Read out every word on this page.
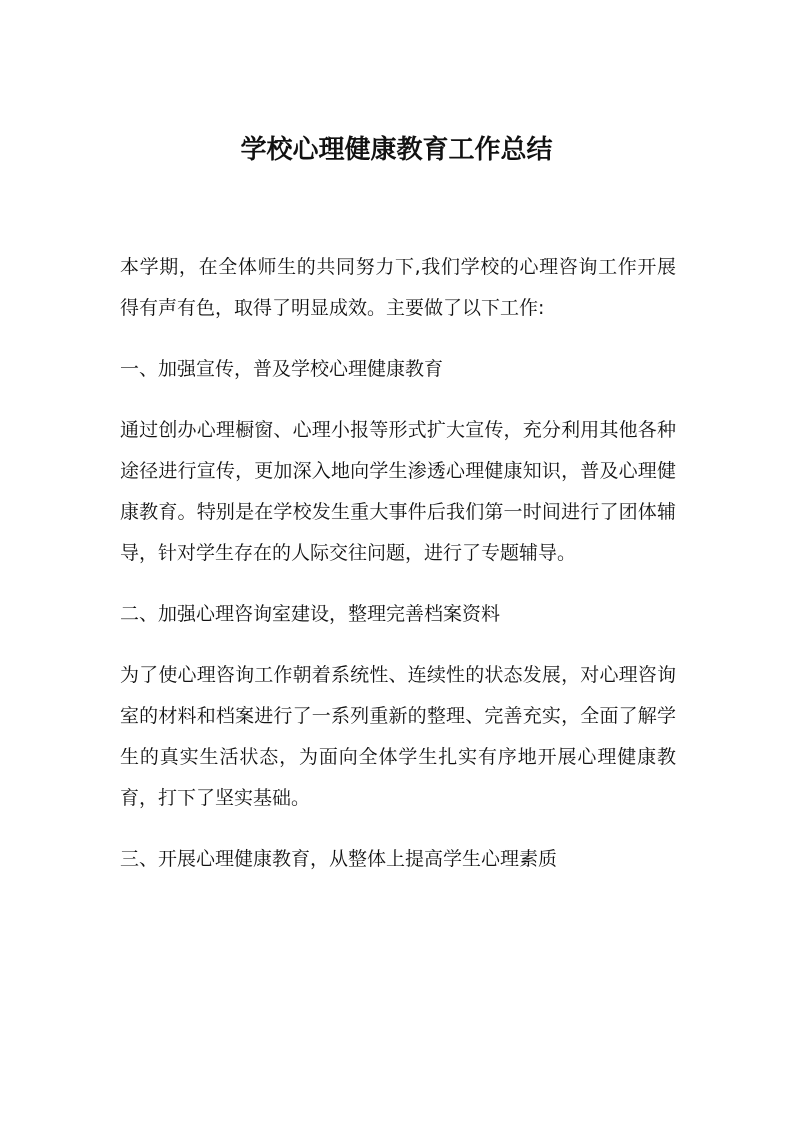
学校心理健康教育工作总结

本学期，在全体师生的共同努力下,我们学校的心理咨询工作开展得有声有色，取得了明显成效。主要做了以下工作:

一、加强宣传，普及学校心理健康教育

通过创办心理橱窗、心理小报等形式扩大宣传，充分利用其他各种途径进行宣传，更加深入地向学生渗透心理健康知识，普及心理健康教育。特别是在学校发生重大事件后我们第一时间进行了团体辅导，针对学生存在的人际交往问题，进行了专题辅导。

二、加强心理咨询室建设，整理完善档案资料

为了使心理咨询工作朝着系统性、连续性的状态发展，对心理咨询室的材料和档案进行了一系列重新的整理、完善充实，全面了解学生的真实生活状态，为面向全体学生扎实有序地开展心理健康教育，打下了坚实基础。

三、开展心理健康教育，从整体上提高学生心理素质
